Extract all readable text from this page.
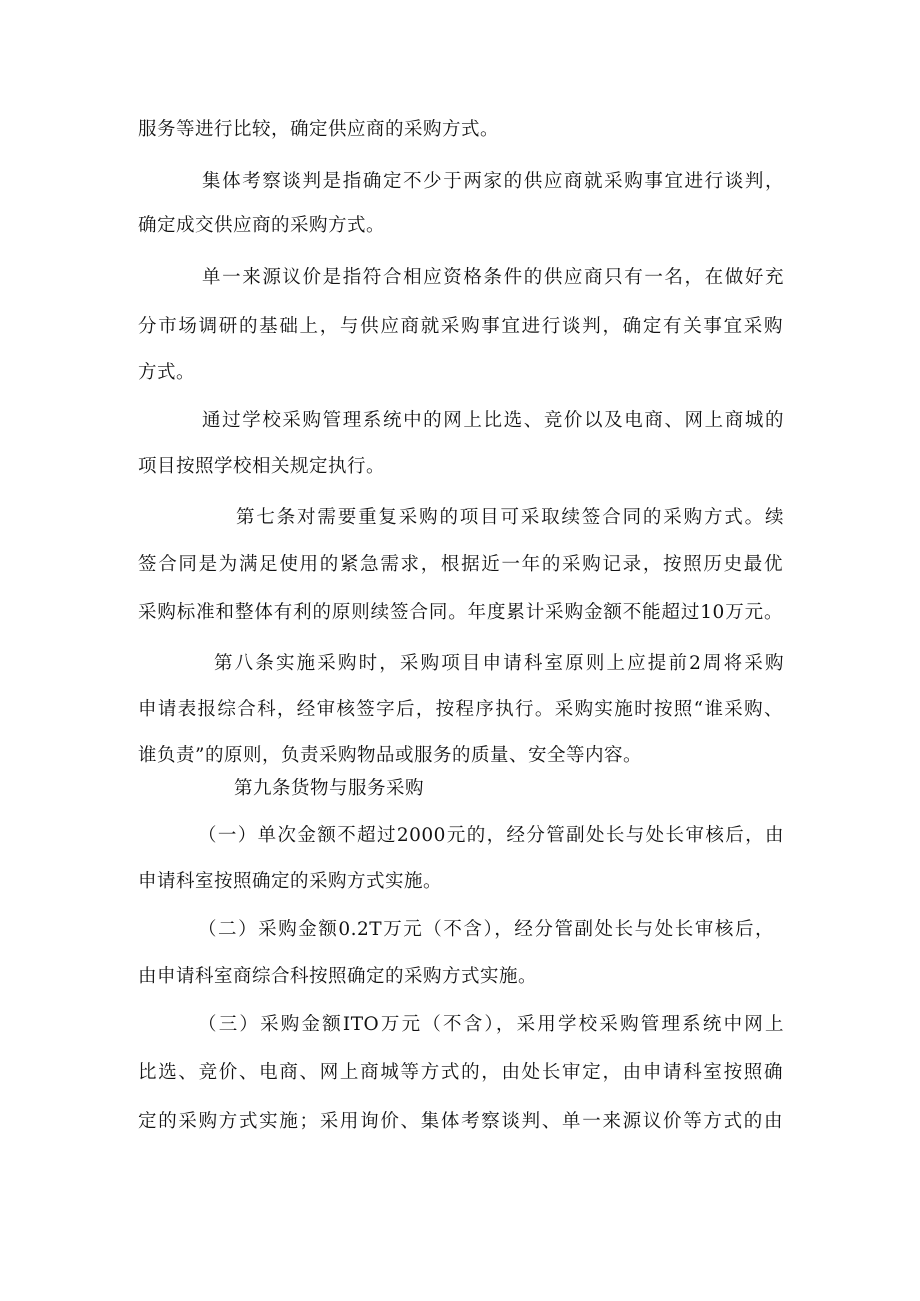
服务等进行比较，确定供应商的采购方式。
集体考察谈判是指确定不少于两家的供应商就采购事宜进行谈判，
确定成交供应商的采购方式。
单一来源议价是指符合相应资格条件的供应商只有一名，在做好充
分市场调研的基础上，与供应商就采购事宜进行谈判，确定有关事宜采购
方式。
通过学校采购管理系统中的网上比选、竞价以及电商、网上商城的
项目按照学校相关规定执行。
第七条对需要重复采购的项目可采取续签合同的采购方式。续
签合同是为满足使用的紧急需求，根据近一年的采购记录，按照历史最优
采购标准和整体有利的原则续签合同。年度累计采购金额不能超过10万元。
第八条实施采购时，采购项目申请科室原则上应提前2周将采购
申请表报综合科，经审核签字后，按程序执行。采购实施时按照“谁采购、
谁负责”的原则，负责采购物品或服务的质量、安全等内容。
第九条货物与服务采购
（一）单次金额不超过2000元的，经分管副处长与处长审核后，由
申请科室按照确定的采购方式实施。
（二）采购金额0.2T万元（不含），经分管副处长与处长审核后，
由申请科室商综合科按照确定的采购方式实施。
（三）采购金额ITO万元（不含），采用学校采购管理系统中网上
比选、竞价、电商、网上商城等方式的，由处长审定，由申请科室按照确
定的采购方式实施；采用询价、集体考察谈判、单一来源议价等方式的由
